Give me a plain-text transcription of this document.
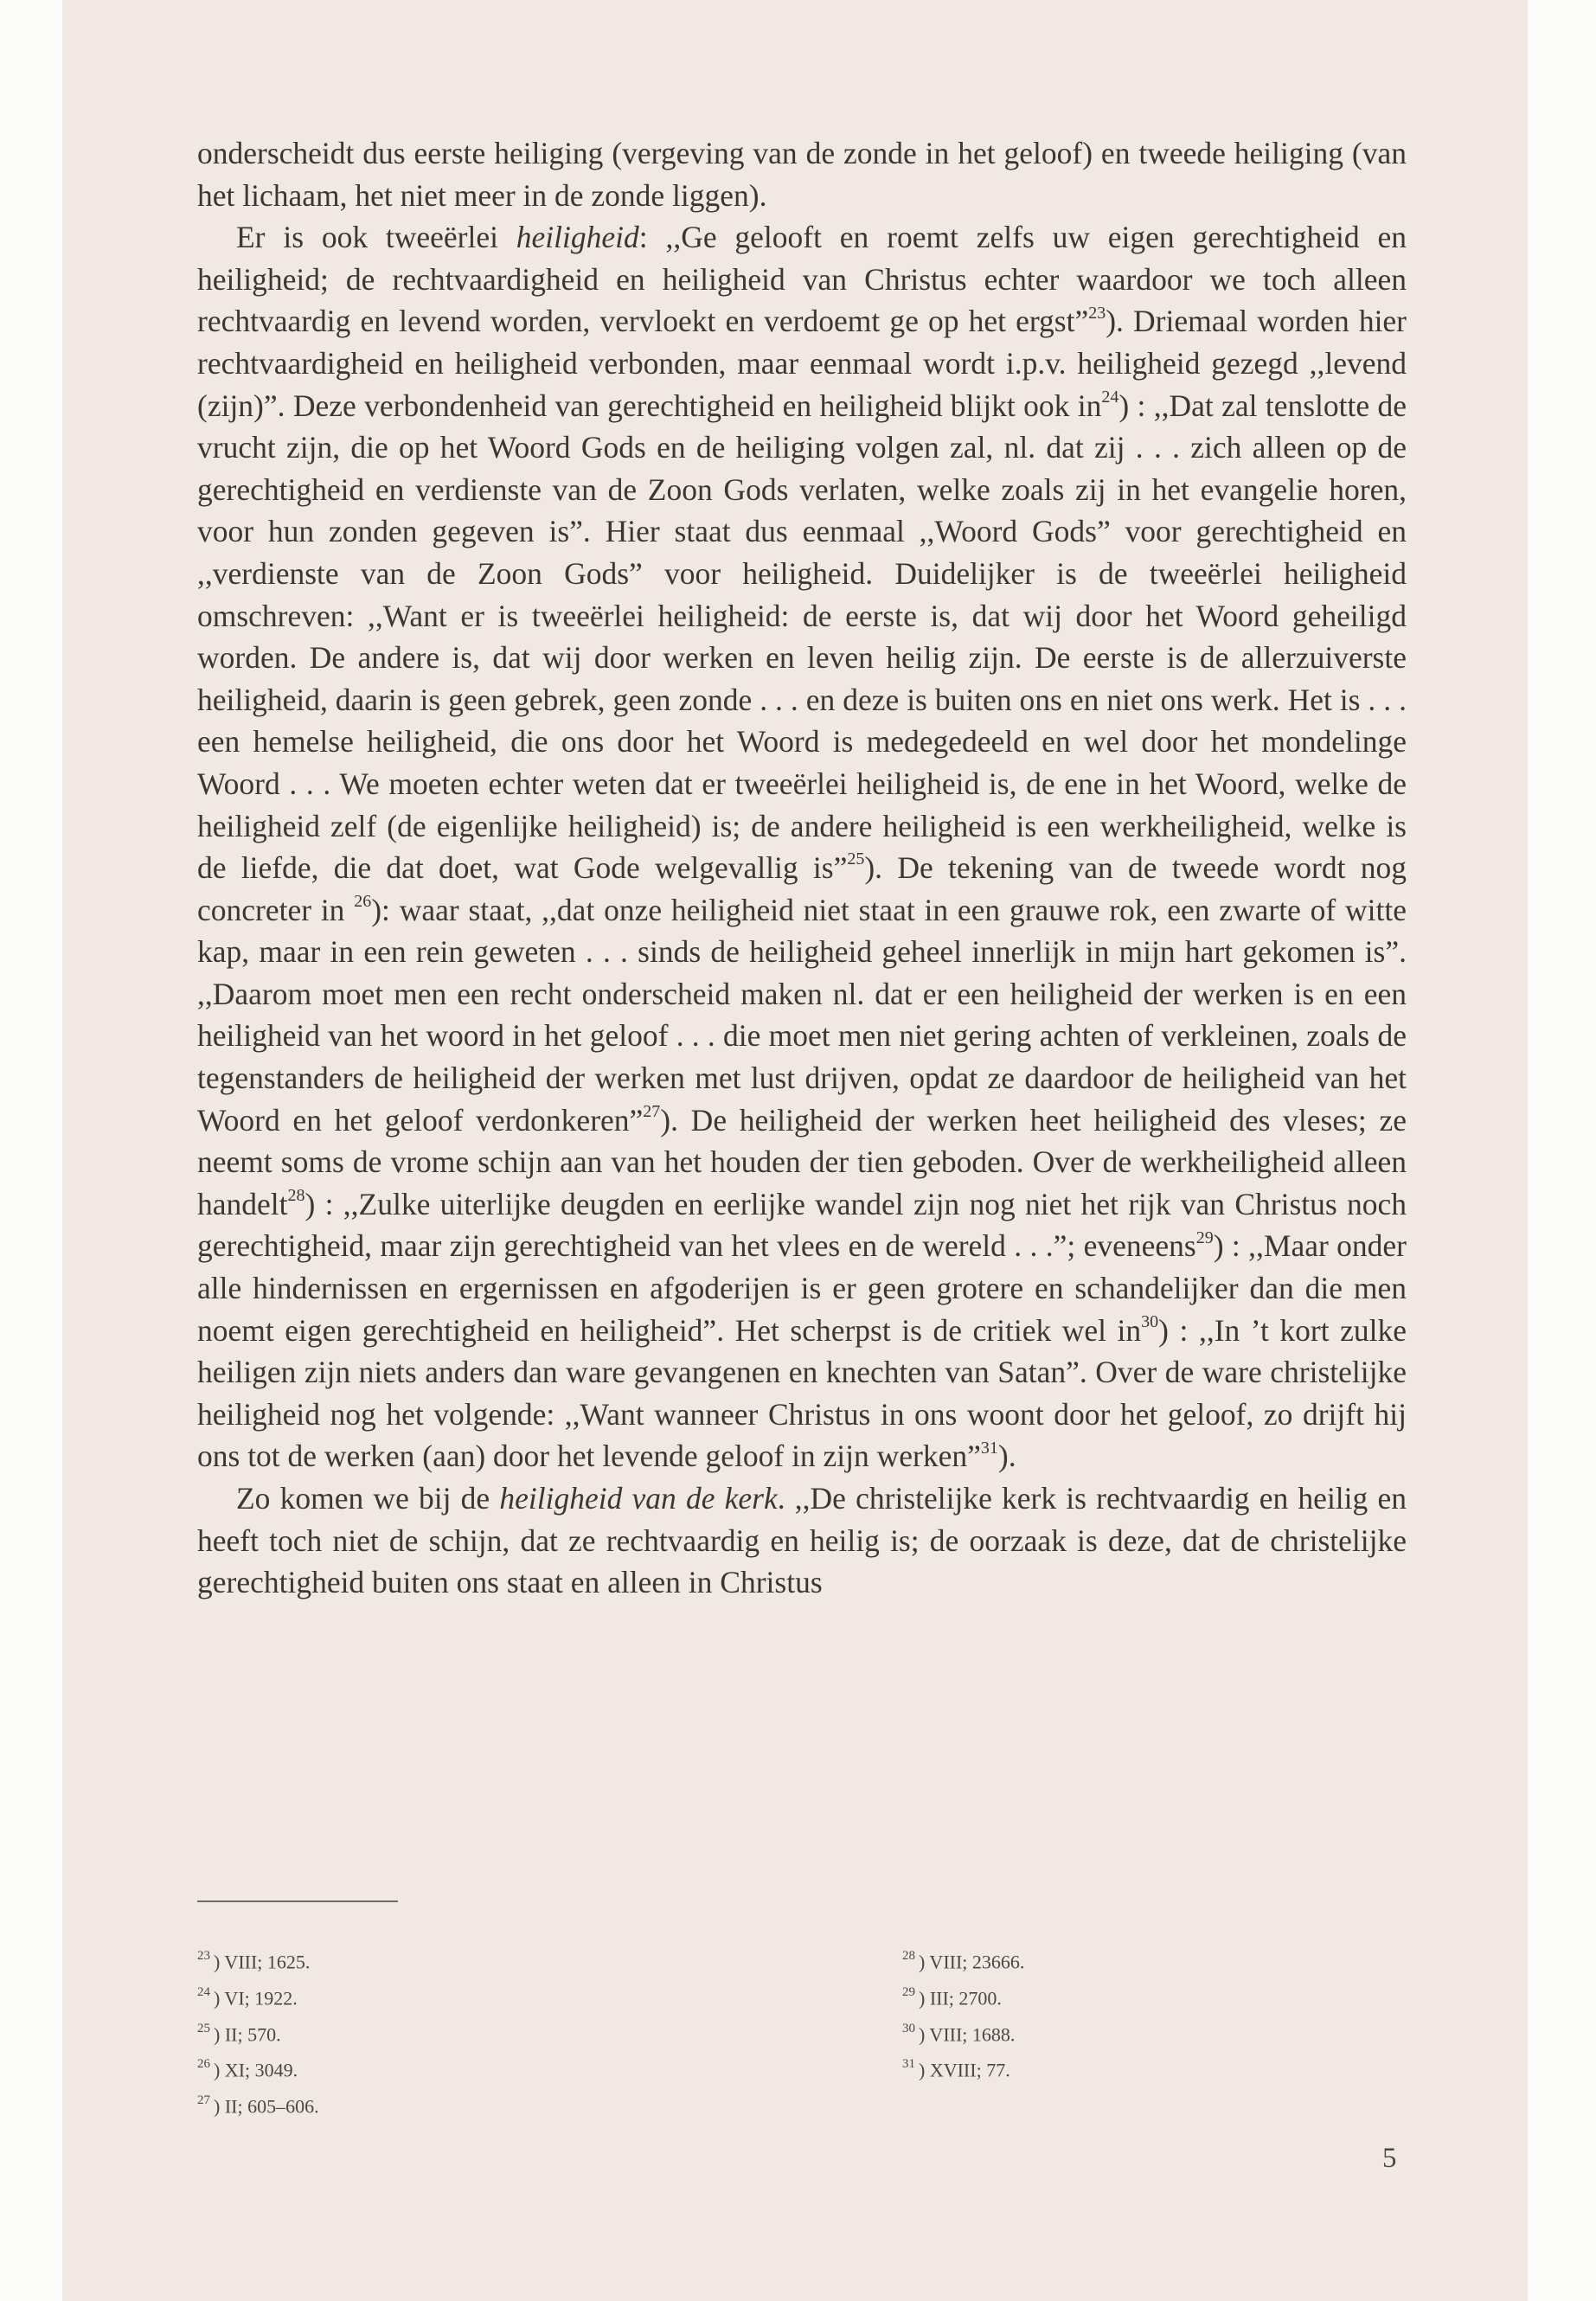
onderscheidt dus eerste heiliging (vergeving van de zonde in het geloof) en tweede heiliging (van het lichaam, het niet meer in de zonde liggen).

Er is ook tweeërlei heiligheid: ,,Ge gelooft en roemt zelfs uw eigen gerechtigheid en heiligheid; de rechtvaardigheid en heiligheid van Christus echter waardoor we toch alleen rechtvaardig en levend worden, vervloekt en verdoemt ge op het ergst”$^{23}$). Driemaal worden hier rechtvaardigheid en heiligheid verbonden, maar eenmaal wordt i.p.v. heiligheid gezegd ,,levend (zijn)”. Deze verbondenheid van gerechtigheid en heiligheid blijkt ook $in^{24}$) : ,,Dat zal tenslotte de vrucht zijn, die op het Woord Gods en de heiliging volgen zal, nl. dat zij . . . zich alleen op de gerechtigheid en verdienste van de Zoon Gods verlaten, welke zoals zij in het evangelie horen, voor hun zonden gegeven is”. Hier staat dus eenmaal ,,Woord Gods” voor gerechtigheid en ,,verdienste van de Zoon Gods” voor heiligheid. Duidelijker is de tweeërlei heiligheid omschreven: ,,Want er is tweeërlei heiligheid: de eerste is, dat wij door het Woord geheiligd worden. De andere is, dat wij door werken en leven heilig zijn. De eerste is de allerzuiverste heiligheid, daarin is geen gebrek, geen zonde . . . en deze is buiten ons en niet ons werk. Het is . . . een hemelse heiligheid, die ons door het Woord is medegedeeld en wel door het mondelinge Woord . . . We moeten echter weten dat er tweeërlei heiligheid is, de ene in het Woord, welke de heiligheid zelf (de eigenlijke heiligheid) is; de andere heiligheid is een werkheiligheid, welke is de liefde, die dat doet, wat Gode welgevallig is”$^{25}$). De tekening van de tweede wordt nog concreter in $^{26}$): waar staat, ,,dat onze heiligheid niet staat in een grauwe rok, een zwarte of witte kap, maar in een rein geweten . . . sinds de heiligheid geheel innerlijk in mijn hart gekomen is”. ,,Daarom moet men een recht onderscheid maken nl. dat er een heiligheid der werken is en een heiligheid van het woord in het geloof . . . die moet men niet gering achten of verkleinen, zoals de tegenstanders de heiligheid der werken met lust drijven, opdat ze daardoor de heiligheid van het Woord en het geloof verdonkeren”$^{27}$). De heiligheid der werken heet heiligheid des vleses; ze neemt soms de vrome schijn aan van het houden der tien geboden. Over de werkheiligheid alleen handelt$^{28}$) : ,,Zulke uiterlijke deugden en eerlijke wandel zijn nog niet het rijk van Christus noch gerechtigheid, maar zijn gerechtigheid van het vlees en de wereld . . .”; eveneens$^{29}$) : ,,Maar onder alle hindernissen en ergernissen en afgoderijen is er geen grotere en schandelijker dan die men noemt eigen gerechtigheid en heiligheid”. Het scherpst is de critiek wel $in^{30}$) : ,,In ’t kort zulke heiligen zijn niets anders dan ware gevangenen en knechten van Satan”. Over de ware christelijke heiligheid nog het volgende: ,,Want wanneer Christus in ons woont door het geloof, zo drijft hij ons tot de werken (aan) door het levende geloof in zijn werken”$^{31}$).

Zo komen we bij de heiligheid van de kerk. ,,De christelijke kerk is rechtvaardig en heilig en heeft toch niet de schijn, dat ze rechtvaardig en heilig is; de oorzaak is deze, dat de christelijke gerechtigheid buiten ons staat en alleen in Christus

$^{23}$ ) VIII; 1625.
$^{24}$ ) VI; 1922.
$^{25}$ ) II; 570.
$^{26}$ ) XI; 3049.
$^{27}$ ) II; 605–606.
$^{28}$ ) VIII; 23666.
$^{29}$ ) III; 2700.
$^{30}$ ) VIII; 1688.
$^{31}$ ) XVIII; 77.
5
